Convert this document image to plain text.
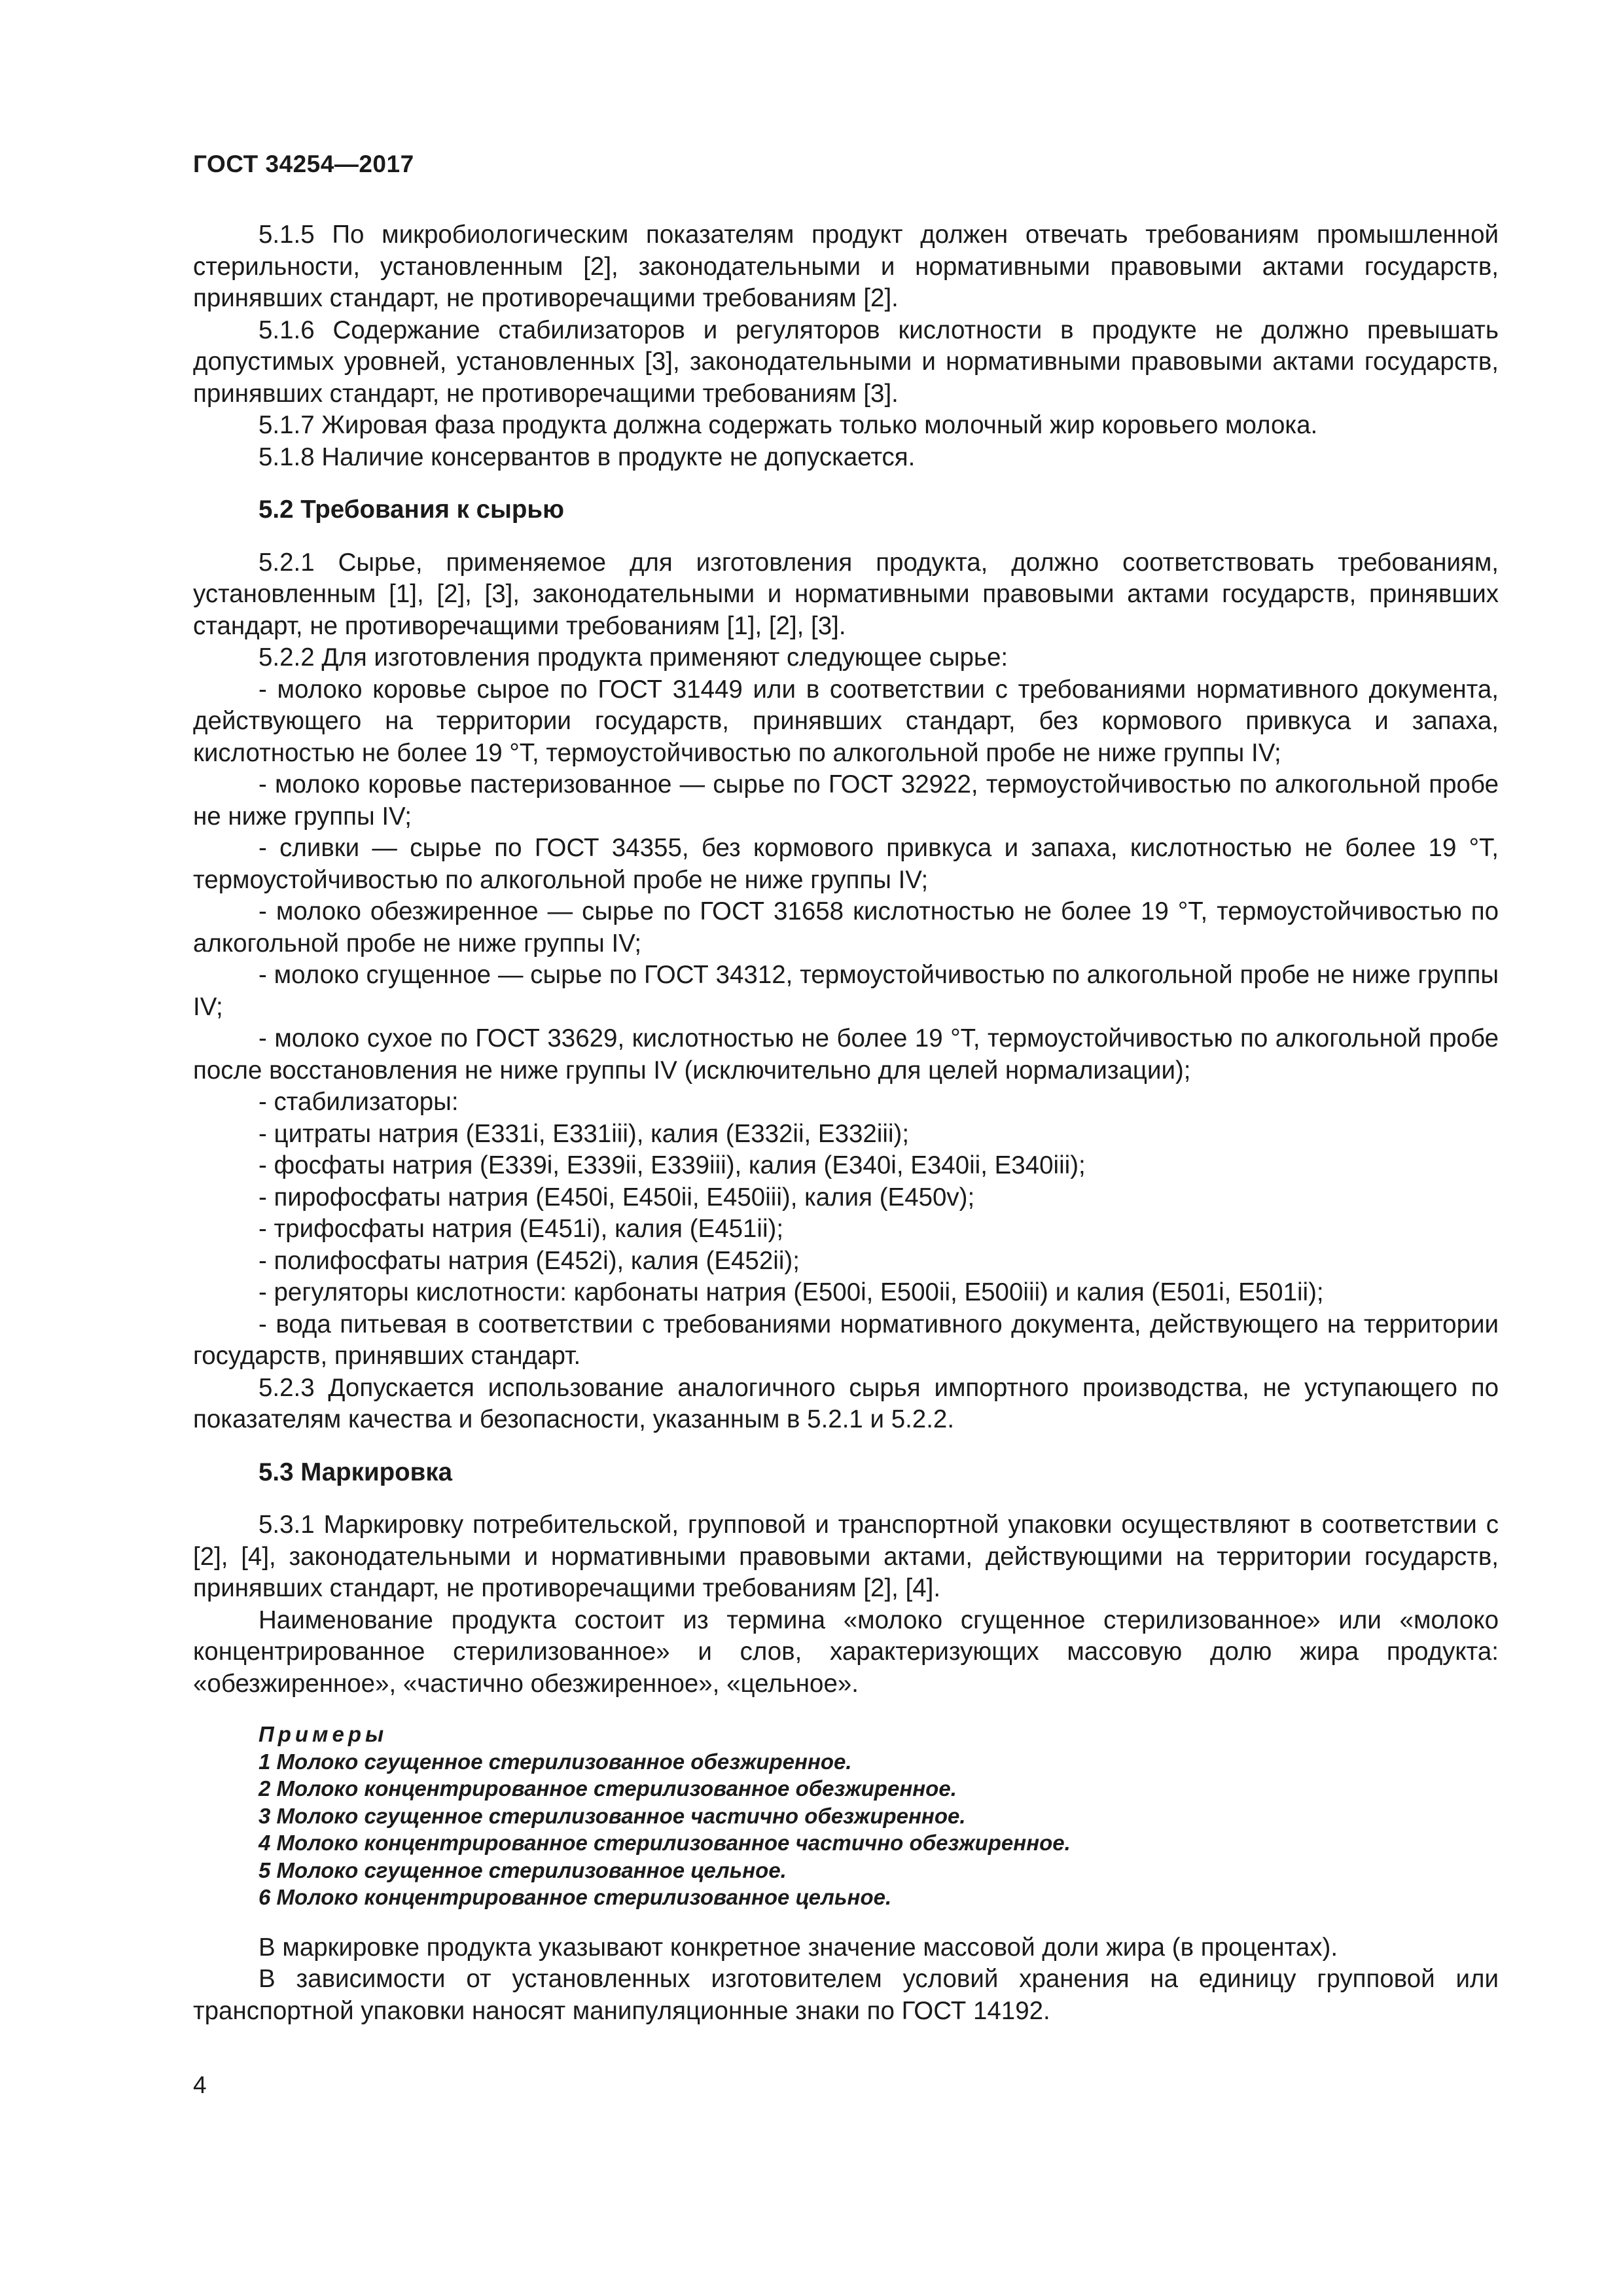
ГОСТ 34254—2017

5.1.5 По микробиологическим показателям продукт должен отвечать требованиям промышленной стерильности, установленным [2], законодательными и нормативными правовыми актами государств, принявших стандарт, не противоречащими требованиям [2].

5.1.6 Содержание стабилизаторов и регуляторов кислотности в продукте не должно превышать допустимых уровней, установленных [3], законодательными и нормативными правовыми актами государств, принявших стандарт, не противоречащими требованиям [3].

5.1.7 Жировая фаза продукта должна содержать только молочный жир коровьего молока.

5.1.8 Наличие консервантов в продукте не допускается.

5.2 Требования к сырью

5.2.1 Сырье, применяемое для изготовления продукта, должно соответствовать требованиям, установленным [1], [2], [3], законодательными и нормативными правовыми актами государств, принявших стандарт, не противоречащими требованиям [1], [2], [3].

5.2.2 Для изготовления продукта применяют следующее сырье:

- молоко коровье сырое по ГОСТ 31449 или в соответствии с требованиями нормативного документа, действующего на территории государств, принявших стандарт, без кормового привкуса и запаха, кислотностью не более 19 °Т, термоустойчивостью по алкогольной пробе не ниже группы IV;

- молоко коровье пастеризованное — сырье по ГОСТ 32922, термоустойчивостью по алкогольной пробе не ниже группы IV;

- сливки — сырье по ГОСТ 34355, без кормового привкуса и запаха, кислотностью не более 19 °Т, термоустойчивостью по алкогольной пробе не ниже группы IV;

- молоко обезжиренное — сырье по ГОСТ 31658 кислотностью не более 19 °Т, термоустойчивостью по алкогольной пробе не ниже группы IV;

- молоко сгущенное — сырье по ГОСТ 34312, термоустойчивостью по алкогольной пробе не ниже группы IV;

- молоко сухое по ГОСТ 33629, кислотностью не более 19 °Т, термоустойчивостью по алкогольной пробе после восстановления не ниже группы IV (исключительно для целей нормализации);

- стабилизаторы:

- цитраты натрия (E331i, E331iii), калия (E332ii, E332iii);

- фосфаты натрия (E339i, E339ii, E339iii), калия (E340i, E340ii, E340iii);

- пирофосфаты натрия (E450i, E450ii, E450iii), калия (E450v);

- трифосфаты натрия (E451i), калия (E451ii);

- полифосфаты натрия (E452i), калия (E452ii);

- регуляторы кислотности: карбонаты натрия (E500i, E500ii, E500iii) и калия (E501i, E501ii);

- вода питьевая в соответствии с требованиями нормативного документа, действующего на территории государств, принявших стандарт.

5.2.3 Допускается использование аналогичного сырья импортного производства, не уступающего по показателям качества и безопасности, указанным в 5.2.1 и 5.2.2.

5.3 Маркировка

5.3.1 Маркировку потребительской, групповой и транспортной упаковки осуществляют в соответствии с [2], [4], законодательными и нормативными правовыми актами, действующими на территории государств, принявших стандарт, не противоречащими требованиям [2], [4].

Наименование продукта состоит из термина «молоко сгущенное стерилизованное» или «молоко концентрированное стерилизованное» и слов, характеризующих массовую долю жира продукта: «обезжиренное», «частично обезжиренное», «цельное».

Примеры
1 Молоко сгущенное стерилизованное обезжиренное.
2 Молоко концентрированное стерилизованное обезжиренное.
3 Молоко сгущенное стерилизованное частично обезжиренное.
4 Молоко концентрированное стерилизованное частично обезжиренное.
5 Молоко сгущенное стерилизованное цельное.
6 Молоко концентрированное стерилизованное цельное.

В маркировке продукта указывают конкретное значение массовой доли жира (в процентах).

В зависимости от установленных изготовителем условий хранения на единицу групповой или транспортной упаковки наносят манипуляционные знаки по ГОСТ 14192.

4
